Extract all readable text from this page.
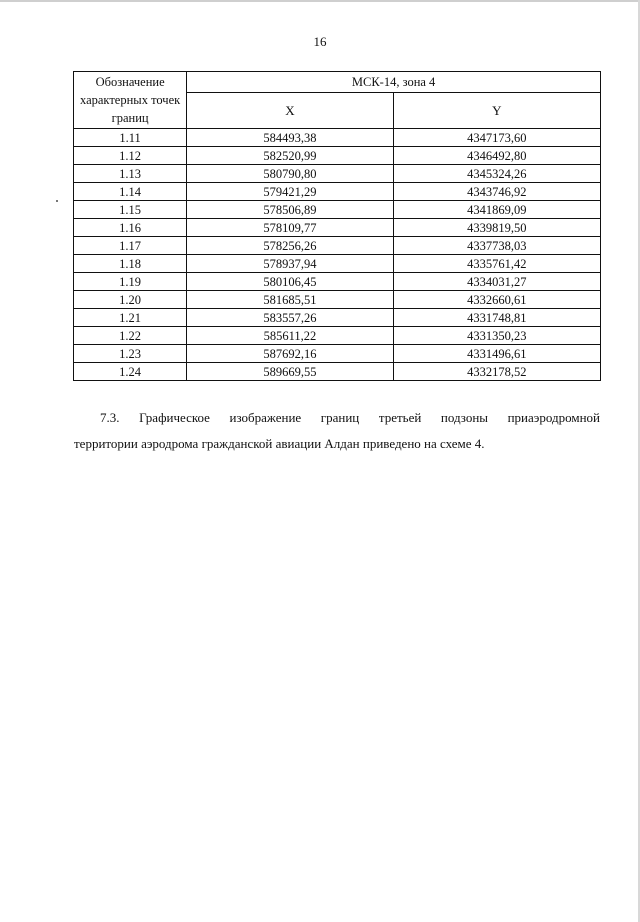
16
Обозначение характерных точек границ	МСК-14, зона 4	
	X	Y
1.11	584493,38	4347173,60
1.12	582520,99	4346492,80
1.13	580790,80	4345324,26
1.14	579421,29	4343746,92
1.15	578506,89	4341869,09
1.16	578109,77	4339819,50
1.17	578256,26	4337738,03
1.18	578937,94	4335761,42
1.19	580106,45	4334031,27
1.20	581685,51	4332660,61
1.21	583557,26	4331748,81
1.22	585611,22	4331350,23
1.23	587692,16	4331496,61
1.24	589669,55	4332178,52
7.3. Графическое изображение границ третьей подзоны приаэродромной
территории аэродрома гражданской авиации Алдан приведено на схеме 4.
